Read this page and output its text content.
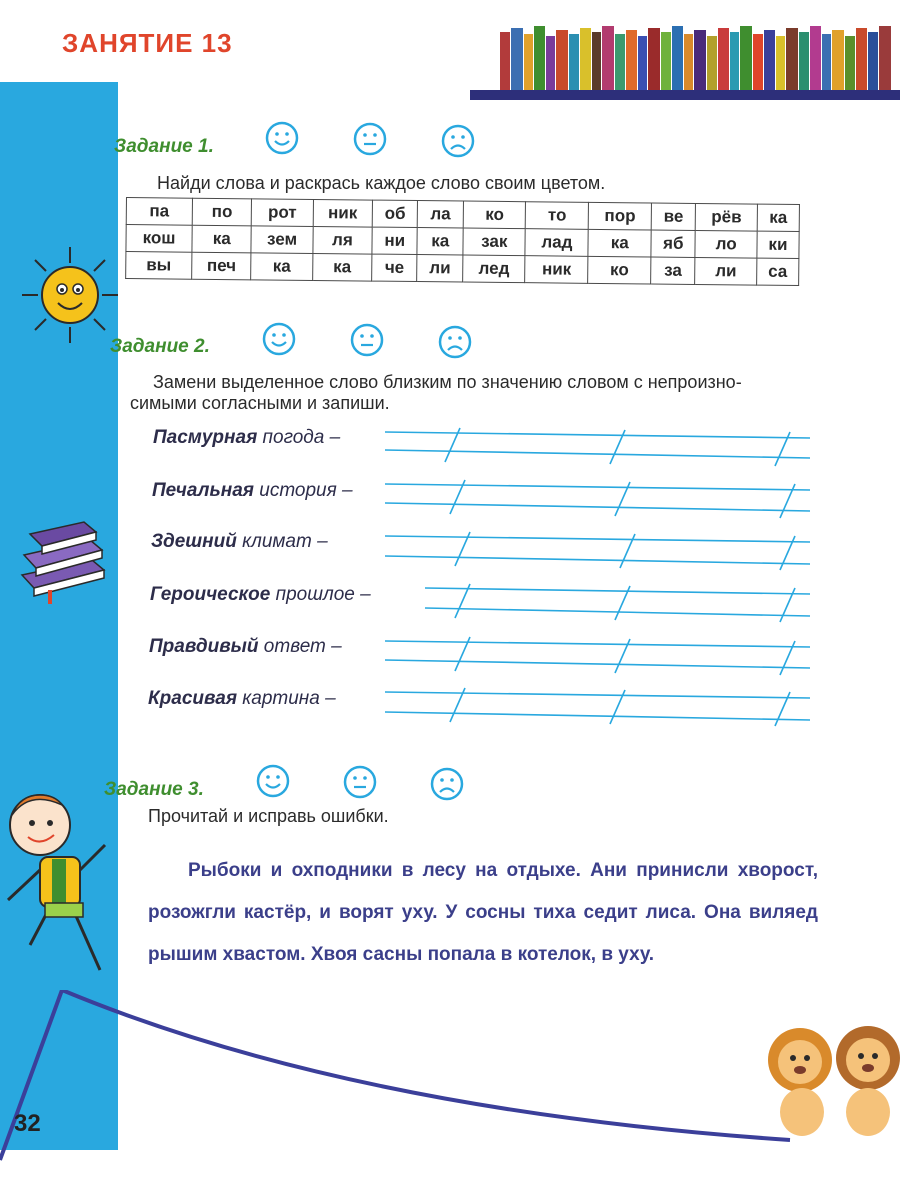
ЗАНЯТИЕ 13
Задание 1.
Найди слова и раскрась каждое слово своим цветом.
па	по	рот	ник	об	ла	ко	то	пор	ве	рёв	ка
кош	ка	зем	ля	ни	ка	зак	лад	ка	яб	ло	ки
вы	печ	ка	ка	че	ли	лед	ник	ко	за	ли	са
Задание 2.
Замени выделенное слово близким по значению словом с непроизно-
симыми согласными и запиши.
Пасмурная погода –
Печальная история –
Здешний климат –
Героическое прошлое –
Правдивый ответ –
Красивая картина –
Задание 3.
Прочитай и исправь ошибки.
Рыбоки и охподники в лесу на отдыхе. Ани принисли хворост, розожгли кастёр, и ворят уху. У сосны тиха седит лиса. Она виляед рышим хвастом. Хвоя сасны попала в котелок, в уху.
32
